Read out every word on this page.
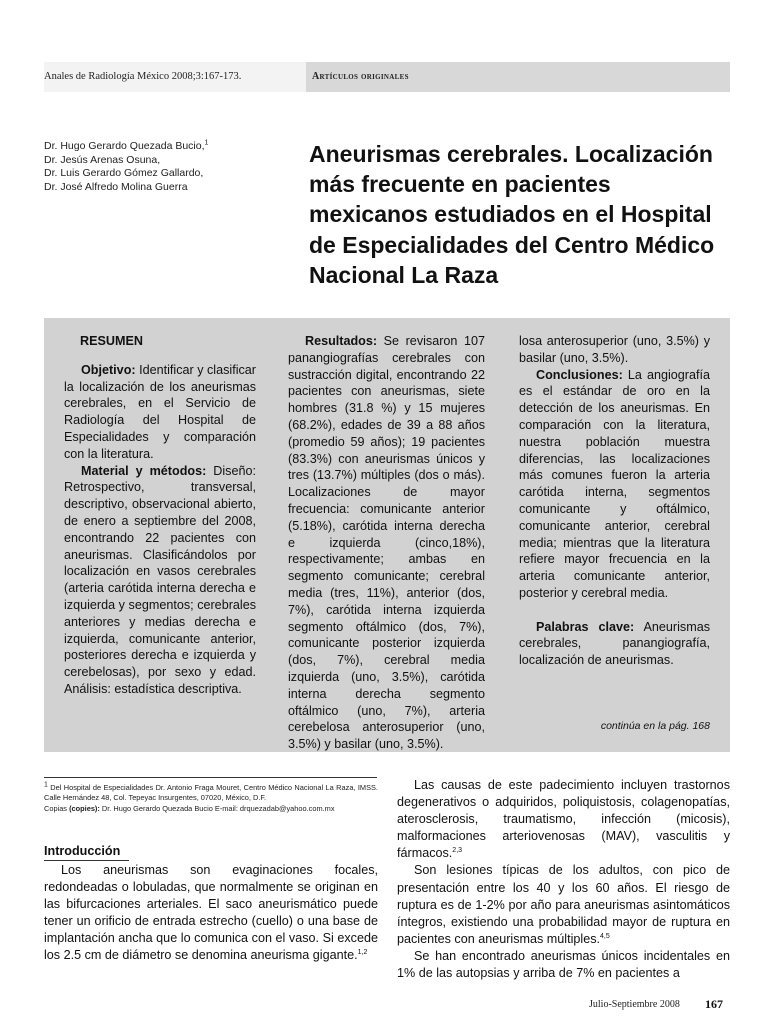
Anales de Radiología México 2008;3:167-173.	Artículos originales
Dr. Hugo Gerardo Quezada Bucio,$^1$
Dr. Jesús Arenas Osuna,
Dr. Luis Gerardo Gómez Gallardo,
Dr. José Alfredo Molina Guerra
Aneurismas cerebrales. Localización más frecuente en pacientes mexicanos estudiados en el Hospital de Especialidades del Centro Médico Nacional La Raza

RESUMEN

Objetivo: Identificar y clasificar la localización de los aneurismas cerebrales, en el Servicio de Radiología del Hospital de Especialidades y comparación con la literatura.

Material y métodos: Diseño: Retrospectivo, transversal, descriptivo, observacional abierto, de enero a septiembre del 2008, encontrando 22 pacientes con aneurismas. Clasificándolos por localización en vasos cerebrales (arteria carótida interna derecha e izquierda y segmentos; cerebrales anteriores y medias derecha e izquierda, comunicante anterior, posteriores derecha e izquierda y cerebelosas), por sexo y edad. Análisis: estadística descriptiva.

Resultados: Se revisaron 107 panangiografías cerebrales con sustracción digital, encontrando 22 pacientes con aneurismas, siete hombres (31.8 %) y 15 mujeres (68.2%), edades de 39 a 88 años (promedio 59 años); 19 pacientes (83.3%) con aneurismas únicos y tres (13.7%) múltiples (dos o más). Localizaciones de mayor frecuencia: comunicante anterior (5.18%), carótida interna derecha e izquierda (cinco,18%), respectivamente; ambas en segmento comunicante; cerebral media (tres, 11%), anterior (dos, 7%), carótida interna izquierda segmento oftálmico (dos, 7%), comunicante posterior izquierda (dos, 7%), cerebral media izquierda (uno, 3.5%), carótida interna derecha segmento oftálmico (uno, 7%), arteria cerebelosa anterosuperior (uno, 3.5%) y basilar (uno, 3.5%).

losa anterosuperior (uno, 3.5%) y basilar (uno, 3.5%).

Conclusiones: La angiografía es el estándar de oro en la detección de los aneurismas. En comparación con la literatura, nuestra población muestra diferencias, las localizaciones más comunes fueron la arteria carótida interna, segmentos comunicante y oftálmico, comunicante anterior, cerebral media; mientras que la literatura refiere mayor frecuencia en la arteria comunicante anterior, posterior y cerebral media.

Palabras clave: Aneurismas cerebrales, panangiografía, localización de aneurismas.

continúa en la pág. 168

$^1$ Del Hospital de Especialidades Dr. Antonio Fraga Mouret, Centro Médico Nacional La Raza, IMSS. Calle Hernández 48, Col. Tepeyac Insurgentes, 07020, México, D.F.

Copias (copies): Dr. Hugo Gerardo Quezada Bucio E-mail: drquezadab@yahoo.com.mx

Introducción

Los aneurismas son evaginaciones focales, redondeadas o lobuladas, que normalmente se originan en las bifurcaciones arteriales. El saco aneurismático puede tener un orificio de entrada estrecho (cuello) o una base de implantación ancha que lo comunica con el vaso. Si excede los 2.5 cm de diámetro se denomina aneurisma gigante.$^{1,2}$

Las causas de este padecimiento incluyen trastornos degenerativos o adquiridos, poliquistosis, colagenopatías, aterosclerosis, traumatismo, infección (micosis), malformaciones arteriovenosas (MAV), vasculitis y fármacos.$^{2,3}$

Son lesiones típicas de los adultos, con pico de presentación entre los 40 y los 60 años. El riesgo de ruptura es de 1-2% por año para aneurismas asintomáticos íntegros, existiendo una probabilidad mayor de ruptura en pacientes con aneurismas múltiples.$^{4,5}$

Se han encontrado aneurismas únicos incidentales en 1% de las autopsias y arriba de 7% en pacientes a

Julio-Septiembre 2008 167
